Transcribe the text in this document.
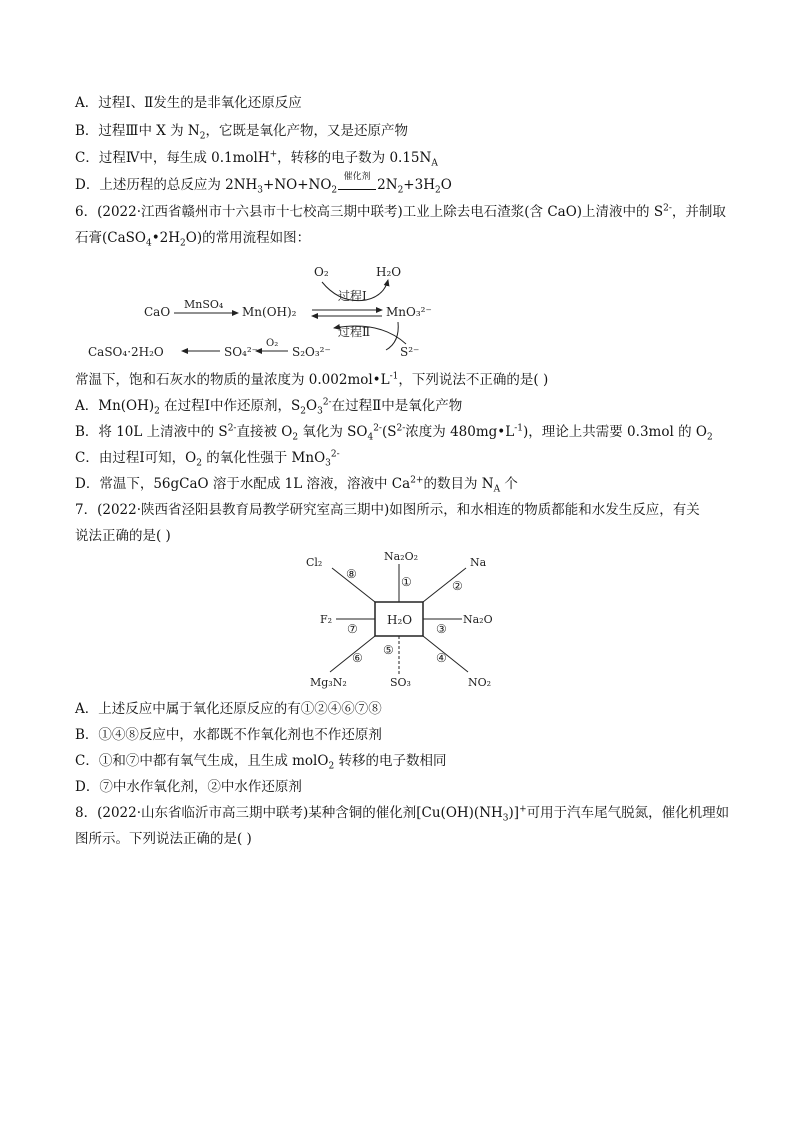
A．过程Ⅰ、Ⅱ发生的是非氧化还原反应
B．过程Ⅲ中 X 为 $N_2$，它既是氧化产物，又是还原产物
C．过程Ⅳ中，每生成 0.1molH+，转移的电子数为 $0.15N_A$
D．上述历程的总反应为 $2NH_3+NO+NO_2$
催化剂 $2N_2+3H_2O$
6．(2022·江西省赣州市十六县市十七校高三期中联考)工业上除去电石渣浆(含 CaO)上清液中的 $S^{2-}$，并制取
石膏$(CaSO_4•2H_2O)$的常用流程如图：
O₂	H₂O
过程Ⅰ
CaO
MnSO₄
Mn(OH)₂	MnO₃²⁻
过程Ⅱ
CaSO₄·2H₂O	SO₄²⁻
O₂
S₂O₃²⁻	S²⁻
常温下，饱和石灰水的物质的量浓度为 $0.002mol•L^{-1}$，下列说法不正确的是( )
A．$Mn(OH)_2$ 在过程Ⅰ中作还原剂，$S_2O_3^{2-}$在过程Ⅱ中是氧化产物
B．将 10L 上清液中的 $S^{2-}$直接被 $O_2$ 氧化为 $SO_4^{2-}(S^{2-}$浓度为 $480mg•L^{-1}$)，理论上共需要 0.3mol 的 $O_2$
C．由过程Ⅰ可知，$O_2$ 的氧化性强于 MnO$_3^{2-}$
D．常温下，56gCaO 溶于水配成 1L 溶液，溶液中 $Ca^{2+}$的数目为 $N_A$ 个
7．(2022·陕西省泾阳县教育局教学研究室高三期中)如图所示，和水相连的物质都能和水发生反应，有关
说法正确的是( )
H₂O
Na₂O₂
①
Na
②
Na₂O
③
NO₂
④
SO₃
⑤
Mg₃N₂
⑥
F₂
⑦
Cl₂
⑧
A．上述反应中属于氧化还原反应的有①②④⑥⑦⑧
B．①④⑧反应中，水都既不作氧化剂也不作还原剂
C．①和⑦中都有氧气生成，且生成 molO$_2$ 转移的电子数相同
D．⑦中水作氧化剂，②中水作还原剂
8．(2022·山东省临沂市高三期中联考)某种含铜的催化剂$[Cu(OH)(NH_3)]^+$可用于汽车尾气脱氮，催化机理如
图所示。下列说法正确的是( )
